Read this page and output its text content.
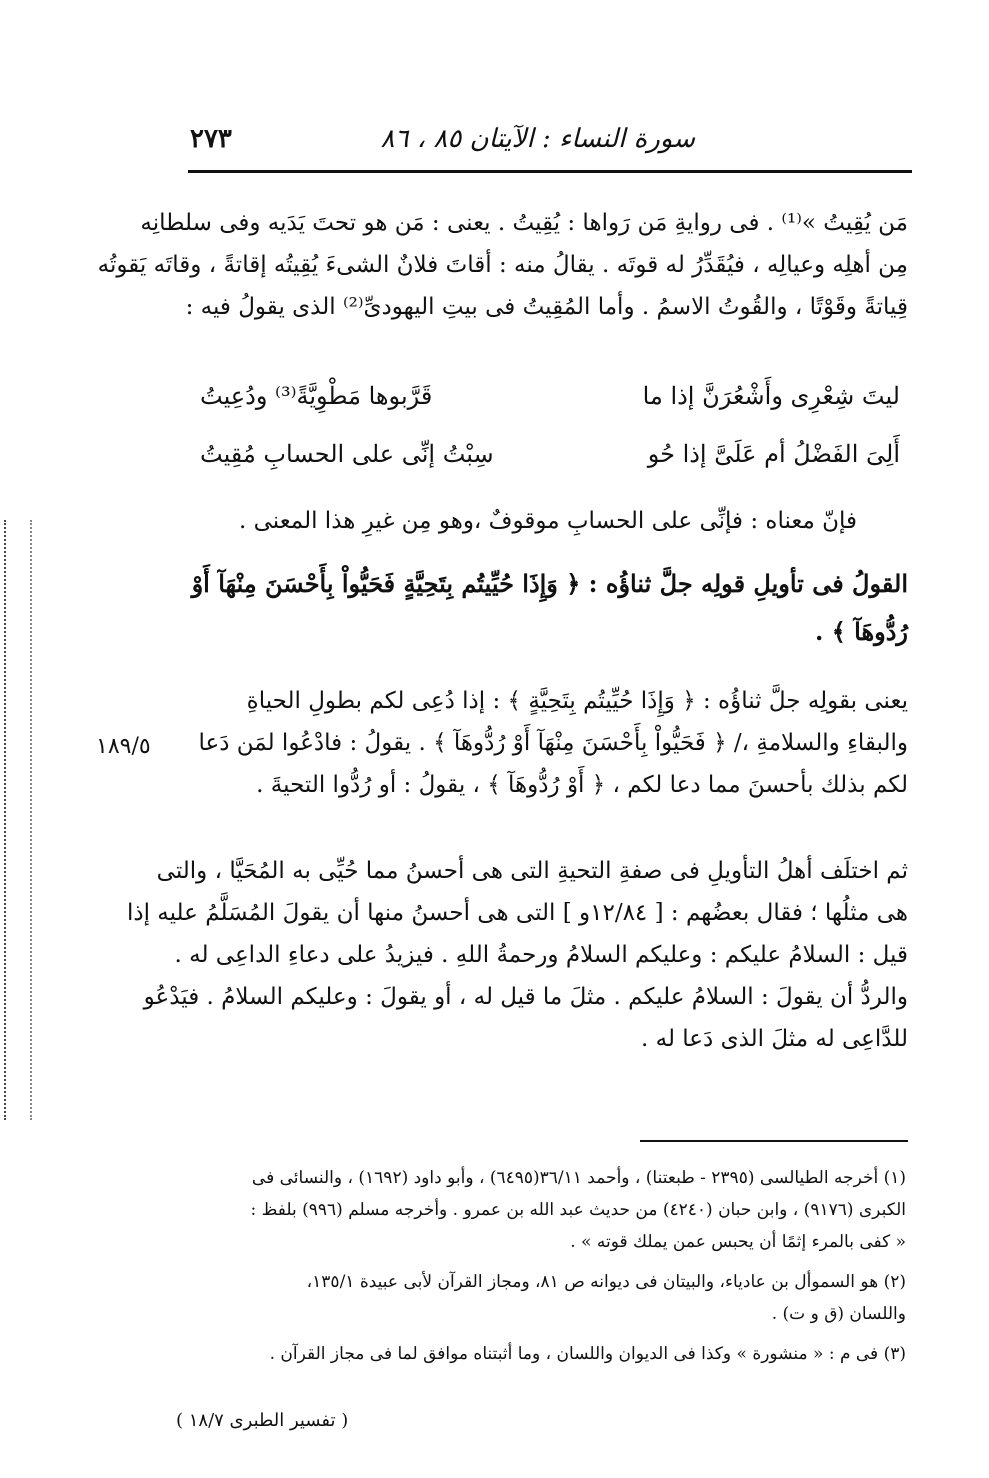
سورة النساء : الآيتان ٨٥ ، ٨٦
٢٧٣
١٨٩/٥
مَن يُقِيتُ »⁽¹⁾ . فى روايةِ مَن رَواها : يُقِيتُ . يعنى : مَن هو تحتَ يَدَيه وفى سلطانِه
مِن أهلِه وعيالِه ، فيُقَدِّرُ له قوتَه . يقالُ منه : أقاتَ فلانٌ الشىءَ يُقِيتُه إقاتةً ، وقاتَه يَقوتُه
قِياتةً وقَوْتًا ، والقُوتُ الاسمُ . وأما المُقِيتُ فى بيتِ اليهودىِّ⁽²⁾ الذى يقولُ فيه :
ليتَ شِعْرِى وأَشْعُرَنَّ إذا ما
قَرَّبوها مَطْوِيَّةً⁽³⁾ ودُعِيتُ
أَلِىَ الفَضْلُ أم عَلَىَّ إذا حُو
سِبْتُ إنِّى على الحسابِ مُقِيتُ
فإنّ معناه : فإنِّى على الحسابِ موقوفٌ ،وهو مِن غيرِ هذا المعنى .
القولُ فى تأويلِ قولِه جلَّ ثناؤُه : ﴿ وَإِذَا حُيِّيتُم بِتَحِيَّةٍ فَحَيُّواْ بِأَحْسَنَ مِنْهَآ أَوْ
رُدُّوهَآ ﴾ .
يعنى بقولِه جلَّ ثناؤُه : ﴿ وَإِذَا حُيِّيتُم بِتَحِيَّةٍ ﴾ : إذا دُعِى لكم بطولِ الحياةِ
والبقاءِ والسلامةِ ،/ ﴿ فَحَيُّواْ بِأَحْسَنَ مِنْهَآ أَوْ رُدُّوهَآ ﴾ . يقولُ : فادْعُوا لمَن دَعا
لكم بذلك بأحسنَ مما دعا لكم ، ﴿ أَوْ رُدُّوهَآ ﴾ ، يقولُ : أو رُدُّوا التحيةَ .
ثم اختلَف أهلُ التأويلِ فى صفةِ التحيةِ التى هى أحسنُ مما حُيِّى به المُحَيَّا ، والتى
هى مثلُها ؛ فقال بعضُهم : [ ١٢/٨٤و ] التى هى أحسنُ منها أن يقولَ المُسَلَّمُ عليه إذا
قيل : السلامُ عليكم : وعليكم السلامُ ورحمةُ اللهِ . فيزيدُ على دعاءِ الداعِى له .
والردُّ أن يقولَ : السلامُ عليكم . مثلَ ما قيل له ، أو يقولَ : وعليكم السلامُ . فيَدْعُو
للدَّاعِى له مثلَ الذى دَعا له .
(١) أخرجه الطيالسى (٢٣٩٥ - طبعتنا) ، وأحمد ٣٦/١١(٦٤٩٥) ، وأبو داود (١٦٩٢) ، والنسائى فى
الكبرى (٩١٧٦) ، وابن حبان (٤٢٤٠) من حديث عبد الله بن عمرو . وأخرجه مسلم (٩٩٦) بلفظ :
« كفى بالمرء إثمًا أن يحبس عمن يملك قوته » .
(٢) هو السموأل بن عادياء، والبيتان فى ديوانه ص ٨١، ومجاز القرآن لأبى عبيدة ١٣٥/١،
واللسان (ق و ت) .
(٣) فى م : « منشورة » وكذا فى الديوان واللسان ، وما أثبتناه موافق لما فى مجاز القرآن .
( تفسير الطبرى ١٨/٧ )
